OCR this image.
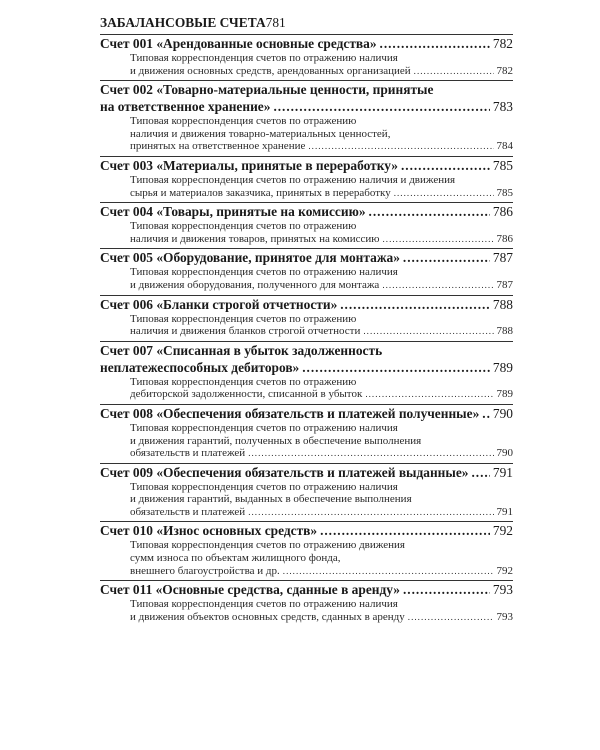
ЗАБАЛАНСОВЫЕ СЧЕТА 781
Счет 001 «Арендованные основные средства» . . .	782
Типовая корреспонденция счетов по отражению наличия
и движения основных средств, арендованных организацией . . .	782
Счет 002 «Товарно-материальные ценности, принятые
на ответственное хранение» . . .	783
Типовая корреспонденция счетов по отражению
наличия и движения товарно-материальных ценностей,
принятых на ответственное хранение . . .	784
Счет 003 «Материалы, принятые в переработку» . . .	785
Типовая корреспонденция счетов по отражению наличия и движения
сырья и материалов заказчика, принятых в переработку . . .	785
Счет 004 «Товары, принятые на комиссию» . . .	786
Типовая корреспонденция счетов по отражению
наличия и движения товаров, принятых на комиссию . . .	786
Счет 005 «Оборудование, принятое для монтажа» . . .	787
Типовая корреспонденция счетов по отражению наличия
и движения оборудования, полученного для монтажа . . .	787
Счет 006 «Бланки строгой отчетности» . . .	788
Типовая корреспонденция счетов по отражению
наличия и движения бланков строгой отчетности . . .	788
Счет 007 «Списанная в убыток задолженность
неплатежеспособных дебиторов» . . .	789
Типовая корреспонденция счетов по отражению
дебиторской задолженности, списанной в убыток . . .	789
Счет 008 «Обеспечения обязательств и платежей полученные» . . . 790
Типовая корреспонденция счетов по отражению наличия
и движения гарантий, полученных в обеспечение выполнения
обязательств и платежей . . .	790
Счет 009 «Обеспечения обязательств и платежей выданные» . . . 791
Типовая корреспонденция счетов по отражению наличия
и движения гарантий, выданных в обеспечение выполнения
обязательств и платежей . . .	791
Счет 010 «Износ основных средств» . . .	792
Типовая корреспонденция счетов по отражению движения
сумм износа по объектам жилищного фонда,
внешнего благоустройства и др. . . .	792
Счет 011 «Основные средства, сданные в аренду» . . .	793
Типовая корреспонденция счетов по отражению наличия
и движения объектов основных средств, сданных в аренду . . .	793
